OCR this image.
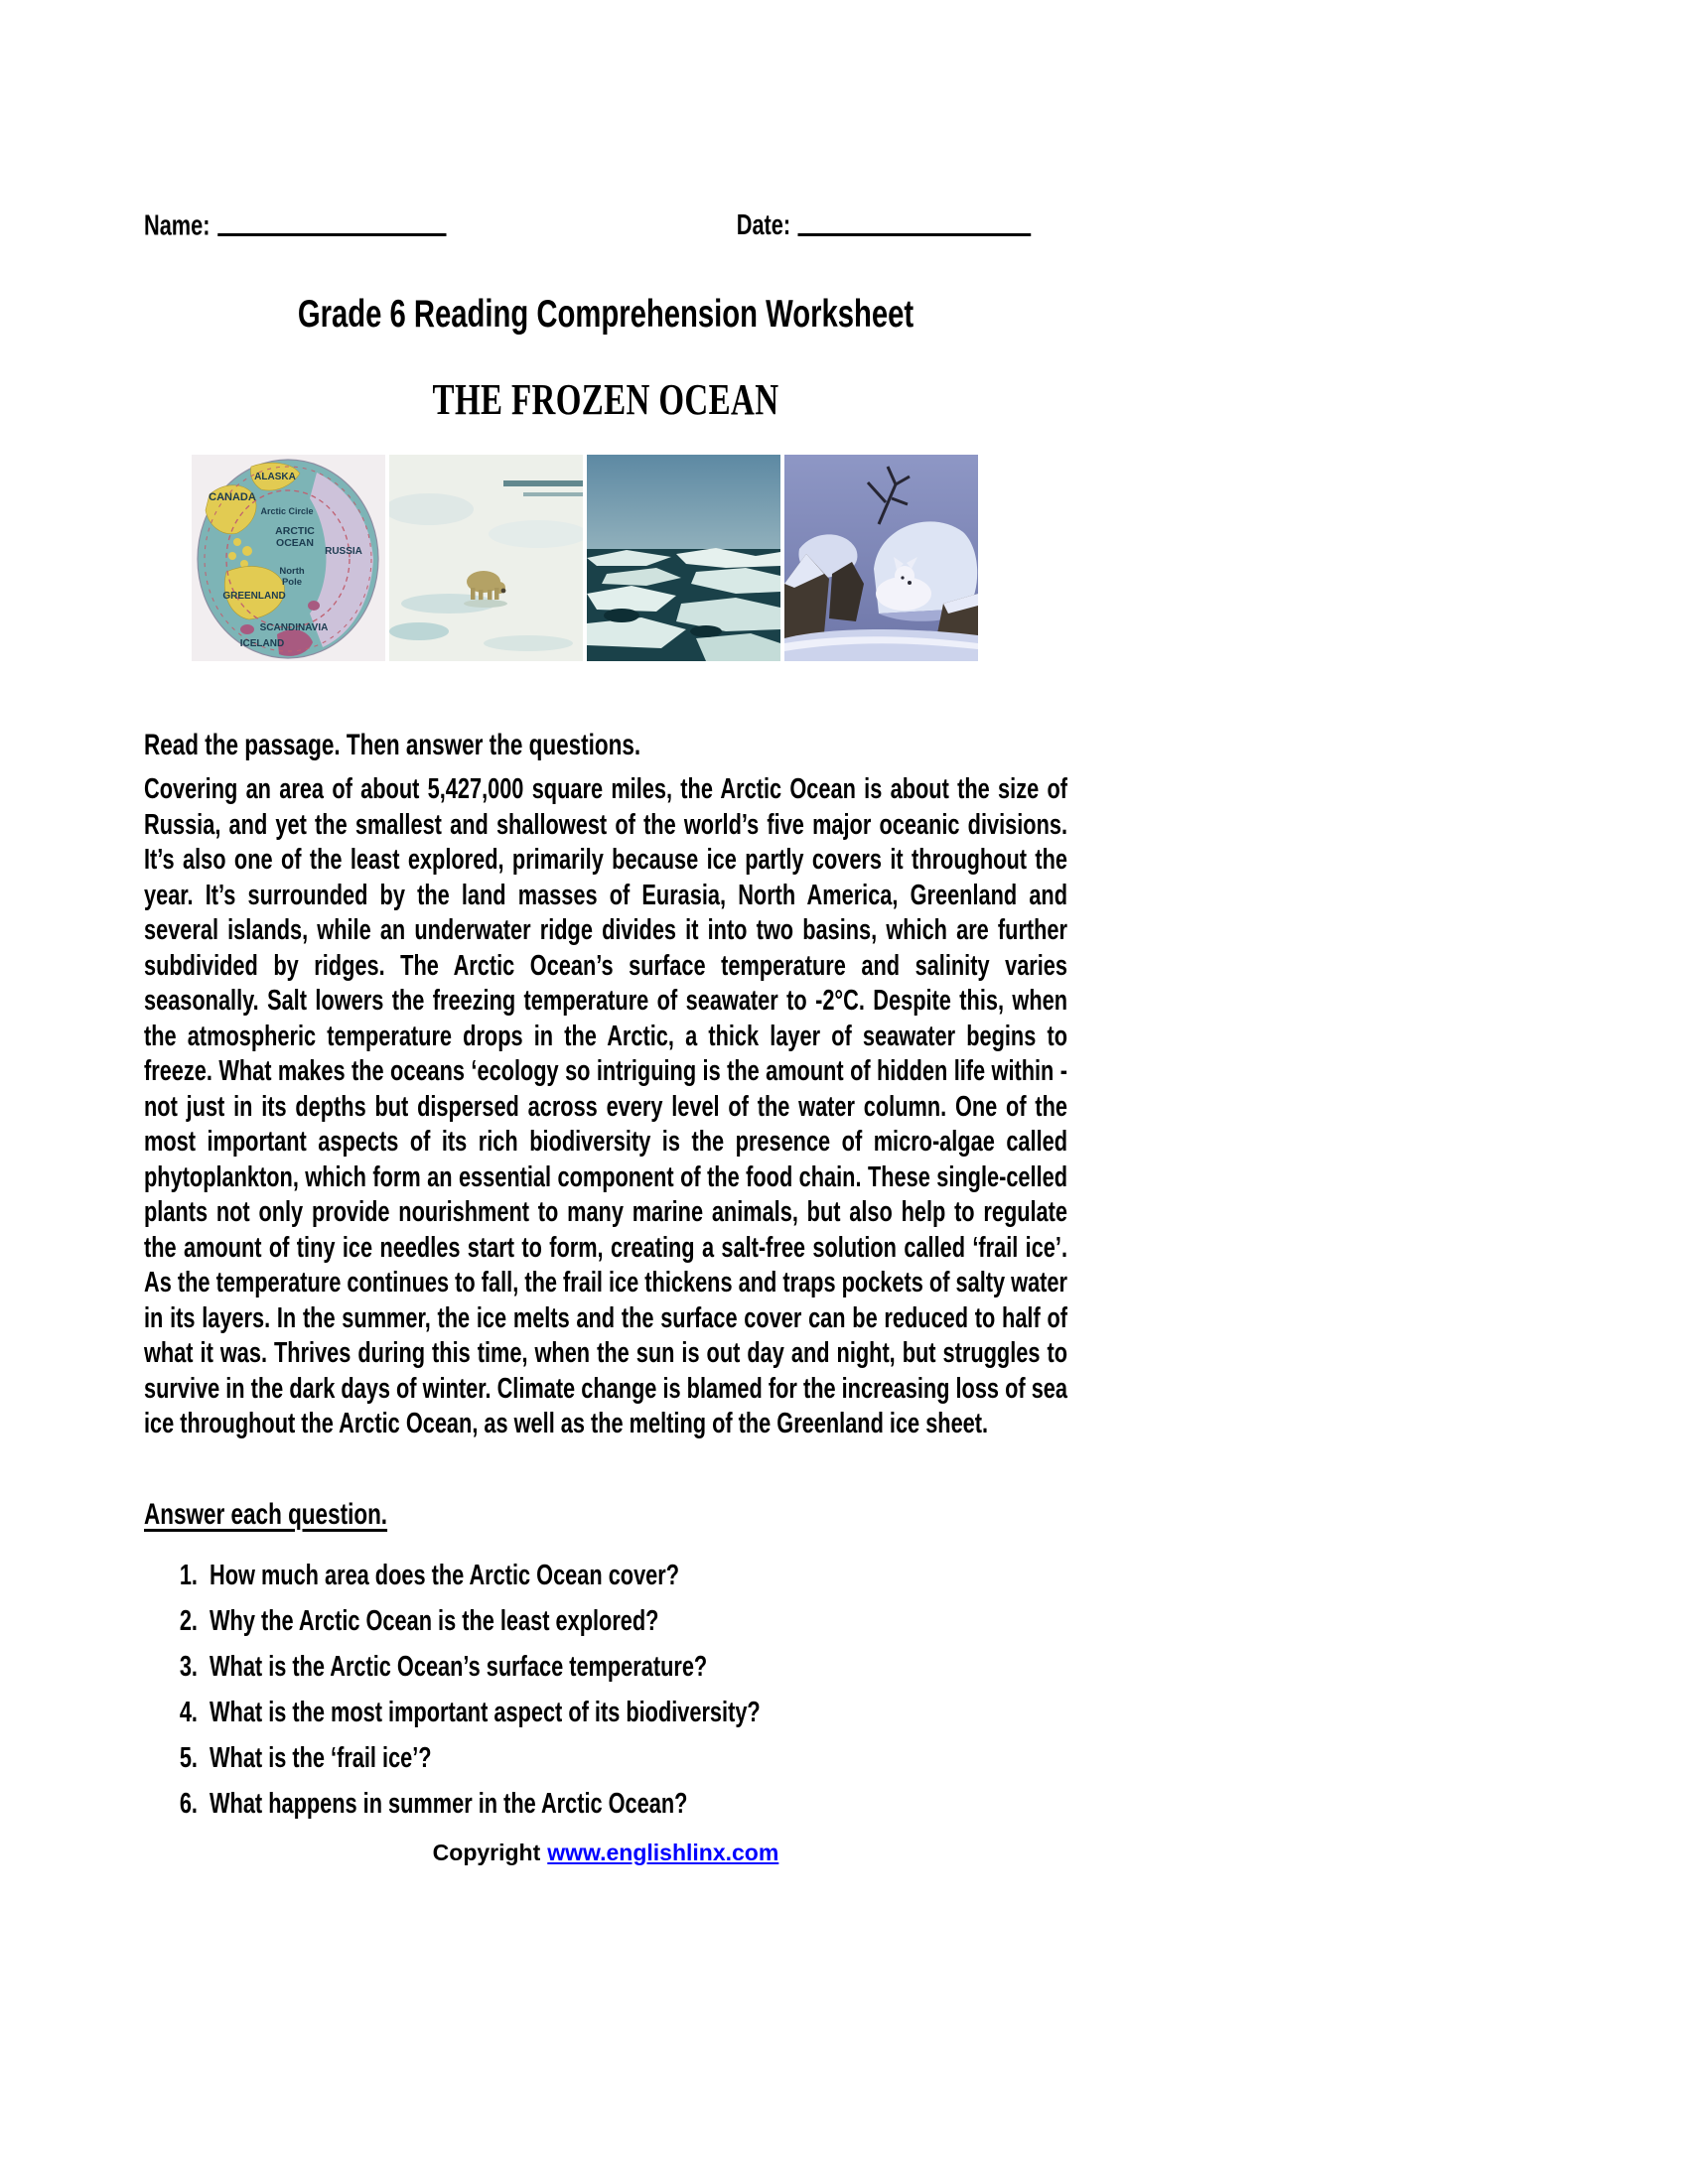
Name:	Date:
Grade 6 Reading Comprehension Worksheet
THE FROZEN OCEAN
ALASKA
CANADA
Arctic Circle
ARCTIC
OCEAN
RUSSIA
North
Pole
GREENLAND
SCANDINAVIA
ICELAND

Read the passage. Then answer the questions.

Covering an area of about 5,427,000 square miles, the Arctic Ocean is about the size of Russia, and yet the smallest and shallowest of the world’s five major oceanic divisions. It’s also one of the least explored, primarily because ice partly covers it throughout the year. It’s surrounded by the land masses of Eurasia, North America, Greenland and several islands, while an underwater ridge divides it into two basins, which are further subdivided by ridges. The Arctic Ocean’s surface temperature and salinity varies seasonally. Salt lowers the freezing temperature of seawater to -2°C. Despite this, when the atmospheric temperature drops in the Arctic, a thick layer of seawater begins to freeze. What makes the oceans ‘ecology so intriguing is the amount of hidden life within - not just in its depths but dispersed across every level of the water column. One of the most important aspects of its rich biodiversity is the presence of micro-algae called phytoplankton, which form an essential component of the food chain. These single-celled plants not only provide nourishment to many marine animals, but also help to regulate the amount of tiny ice needles start to form, creating a salt-free solution called ‘frail ice’. As the temperature continues to fall, the frail ice thickens and traps pockets of salty water in its layers. In the summer, the ice melts and the surface cover can be reduced to half of what it was. Thrives during this time, when the sun is out day and night, but struggles to survive in the dark days of winter. Climate change is blamed for the increasing loss of sea ice throughout the Arctic Ocean, as well as the melting of the Greenland ice sheet.

Answer each question.

1. How much area does the Arctic Ocean cover?
2. Why the Arctic Ocean is the least explored?
3. What is the Arctic Ocean’s surface temperature?
4. What is the most important aspect of its biodiversity?
5. What is the ‘frail ice’?
6. What happens in summer in the Arctic Ocean?
Copyright www.englishlinx.com
